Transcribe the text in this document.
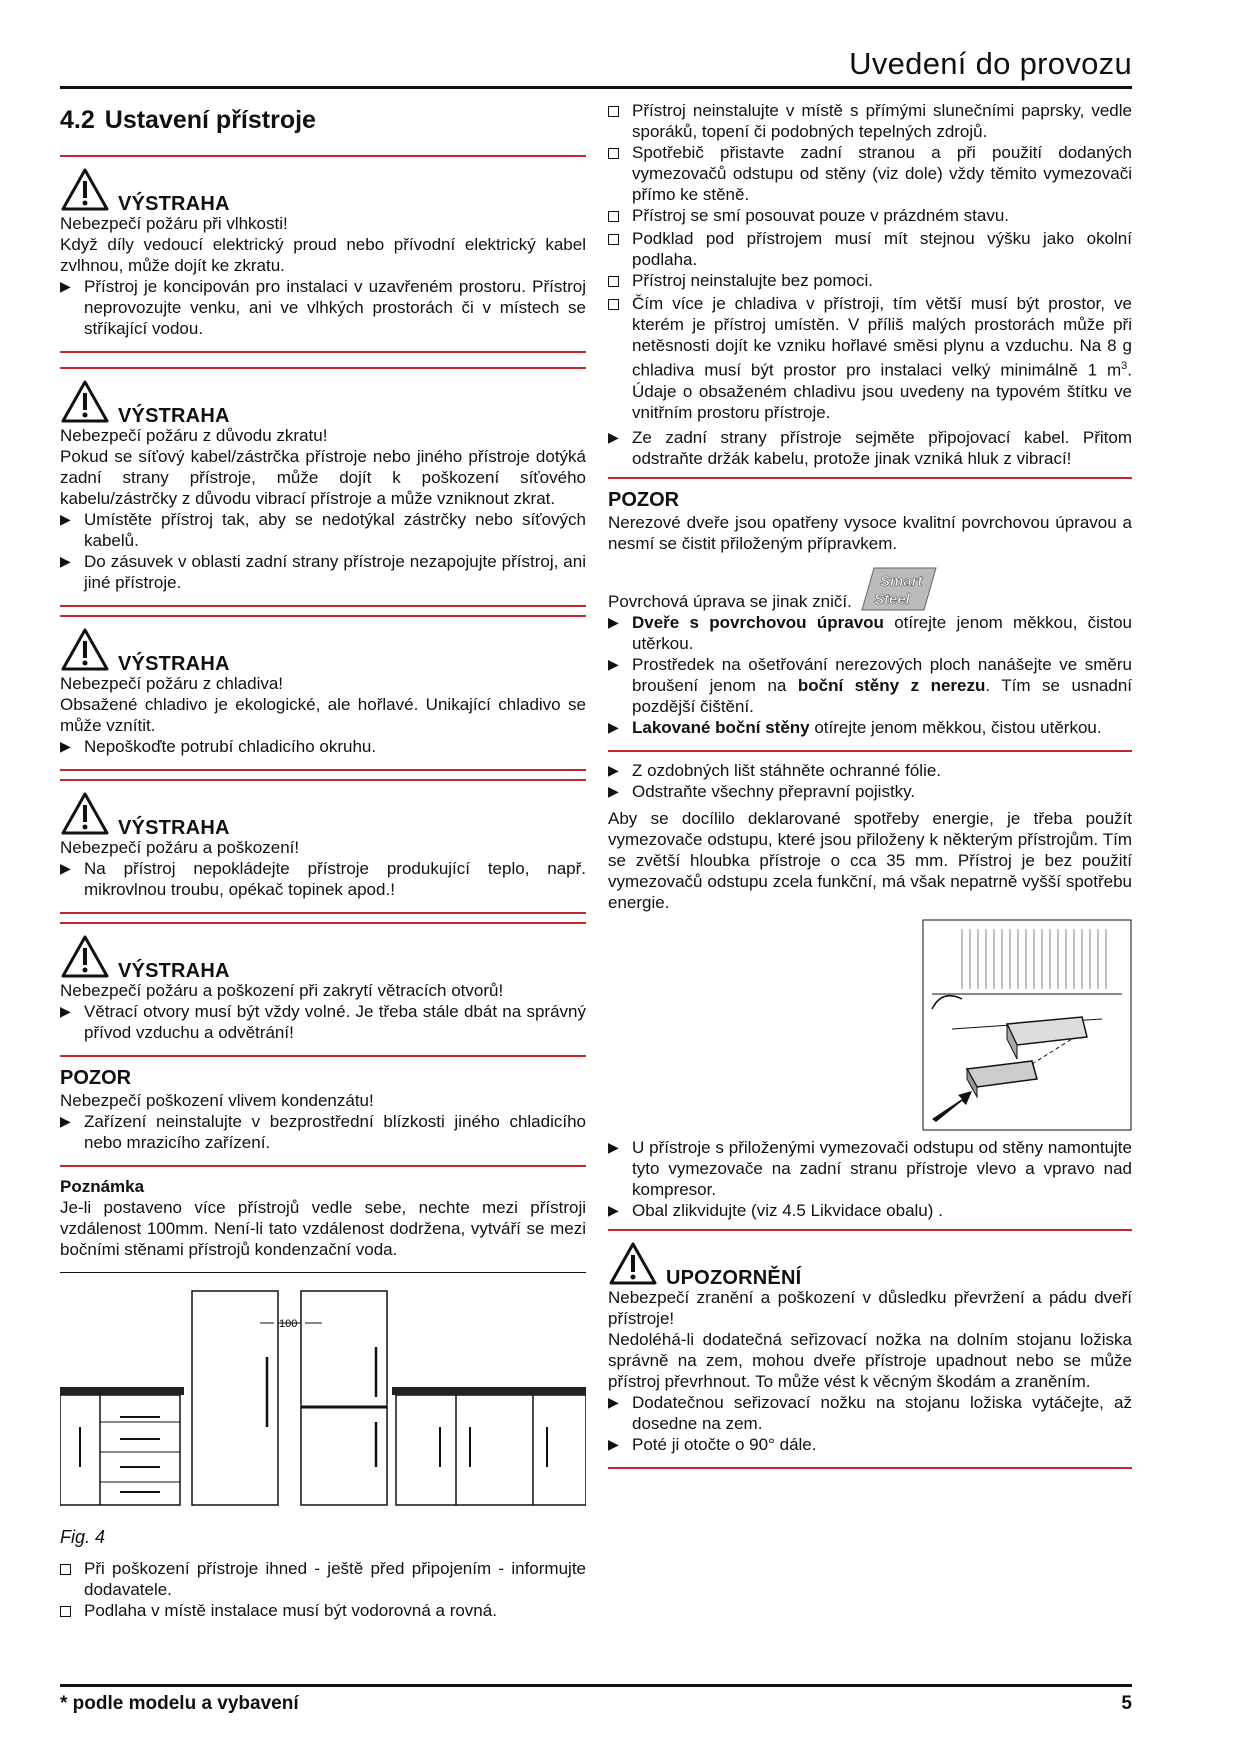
Uvedení do provozu
4.2 Ustavení přístroje
VÝSTRAHA

Nebezpečí požáru při vlhkosti!

Když díly vedoucí elektrický proud nebo přívodní elektrický kabel zvlhnou, může dojít ke zkratu.

▶ Přístroj je koncipován pro instalaci v uzavřeném prostoru. Přístroj neprovozujte venku, ani ve vlhkých prostorách či v místech se stříkající vodou.
VÝSTRAHA

Nebezpečí požáru z důvodu zkratu!

Pokud se síťový kabel/zástrčka přístroje nebo jiného přístroje dotýká zadní strany přístroje, může dojít k poškození síťového kabelu/zástrčky z důvodu vibrací přístroje a může vzniknout zkrat.

▶ Umístěte přístroj tak, aby se nedotýkal zástrčky nebo síťových kabelů.
▶ Do zásuvek v oblasti zadní strany přístroje nezapojujte přístroj, ani jiné přístroje.
VÝSTRAHA

Nebezpečí požáru z chladiva!

Obsažené chladivo je ekologické, ale hořlavé. Unikající chladivo se může vznítit.

▶ Nepoškoďte potrubí chladicího okruhu.
VÝSTRAHA

Nebezpečí požáru a poškození!

▶ Na přístroj nepokládejte přístroje produkující teplo, např. mikrovlnou troubu, opékač topinek apod.!
VÝSTRAHA

Nebezpečí požáru a poškození při zakrytí větracích otvorů!

▶ Větrací otvory musí být vždy volné. Je třeba stále dbát na správný přívod vzduchu a odvětrání!
POZOR

Nebezpečí poškození vlivem kondenzátu!

▶ Zařízení neinstalujte v bezprostřední blízkosti jiného chladicího nebo mrazicího zařízení.
Poznámka

Je-li postaveno více přístrojů vedle sebe, nechte mezi přístroji vzdálenost 100mm. Není-li tato vzdálenost dodržena, vytváří se mezi bočními stěnami přístrojů kondenzační voda.

100
Fig. 4
Při poškození přístroje ihned - ještě před připojením - informujte dodavatele.
Podlaha v místě instalace musí být vodorovná a rovná.
Přístroj neinstalujte v místě s přímými slunečními paprsky, vedle sporáků, topení či podobných tepelných zdrojů.
Spotřebič přistavte zadní stranou a při použití dodaných vymezovačů odstupu od stěny (viz dole) vždy těmito vymezovači přímo ke stěně.
Přístroj se smí posouvat pouze v prázdném stavu.
Podklad pod přístrojem musí mít stejnou výšku jako okolní podlaha.
Přístroj neinstalujte bez pomoci.
Čím více je chladiva v přístroji, tím větší musí být prostor, ve kterém je přístroj umístěn. V příliš malých prostorách může při netěsnosti dojít ke vzniku hořlavé směsi plynu a vzduchu. Na 8 g chladiva musí být prostor pro instalaci velký minimálně 1 $m^3$. Údaje o obsaženém chladivu jsou uvedeny na typovém štítku ve vnitřním prostoru přístroje.
▶ Ze zadní strany přístroje sejměte připojovací kabel. Přitom odstraňte držák kabelu, protože jinak vzniká hluk z vibrací!
POZOR

Nerezové dveře jsou opatřeny vysoce kvalitní povrchovou úpravou a nesmí se čistit přiloženým přípravkem.

Povrchová úprava se jinak zničí.
Smart
Steel
▶ Dveře s povrchovou úpravou otírejte jenom měkkou, čistou utěrkou.
▶ Prostředek na ošetřování nerezových ploch nanášejte ve směru broušení jenom na boční stěny z nerezu. Tím se usnadní pozdější čištění.
▶ Lakované boční stěny otírejte jenom měkkou, čistou utěrkou.
▶ Z ozdobných lišt stáhněte ochranné fólie.
▶ Odstraňte všechny přepravní pojistky.

Aby se docílilo deklarované spotřeby energie, je třeba použít vymezovače odstupu, které jsou přiloženy k některým přístrojům. Tím se zvětší hloubka přístroje o cca 35 mm. Přístroj je bez použití vymezovačů odstupu zcela funkční, má však nepatrně vyšší spotřebu energie.

▶ U přístroje s přiloženými vymezovači odstupu od stěny namontujte tyto vymezovače na zadní stranu přístroje vlevo a vpravo nad kompresor.
▶ Obal zlikvidujte (viz 4.5 Likvidace obalu) .
UPOZORNĚNÍ

Nebezpečí zranění a poškození v důsledku převržení a pádu dveří přístroje!

Nedoléhá-li dodatečná seřizovací nožka na dolním stojanu ložiska správně na zem, mohou dveře přístroje upadnout nebo se může přístroj převrhnout. To může vést k věcným škodám a zraněním.

▶ Dodatečnou seřizovací nožku na stojanu ložiska vytáčejte, až dosedne na zem.
▶ Poté ji otočte o 90° dále.
* podle modelu a vybavení	5
